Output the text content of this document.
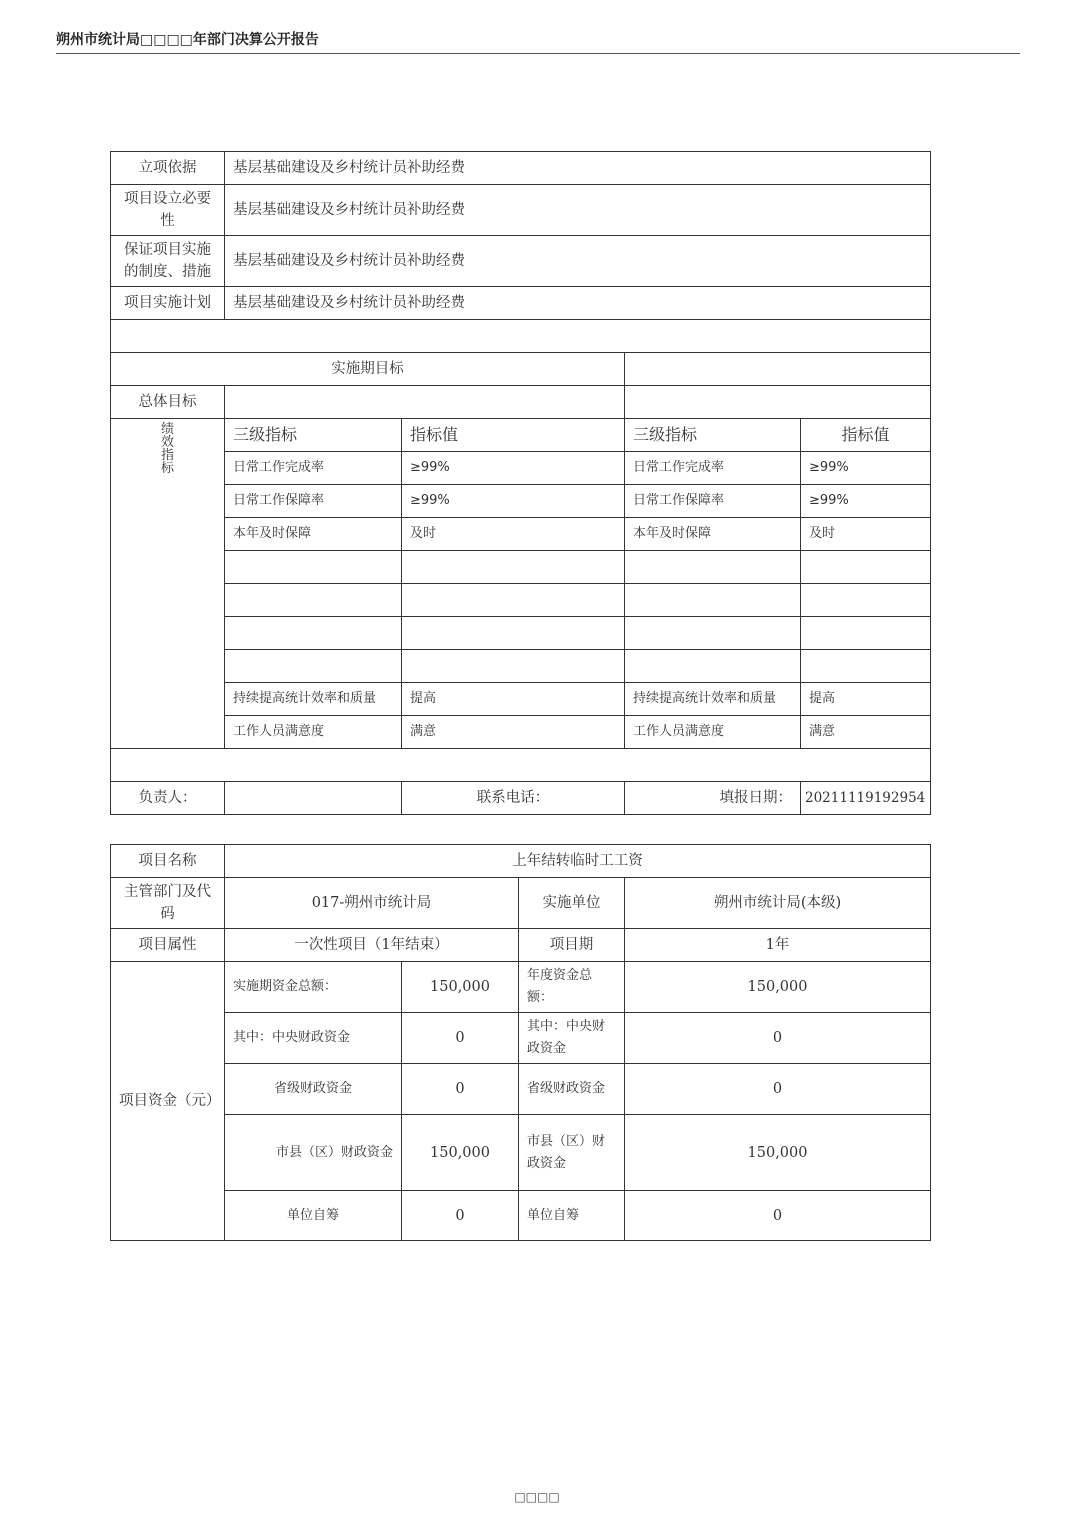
朔州市统计局□□□□年部门决算公开报告
立项依据	基层基础建设及乡村统计员补助经费			
项目设立必要性	基层基础建设及乡村统计员补助经费			
保证项目实施的制度、措施	基层基础建设及乡村统计员补助经费			
项目实施计划	基层基础建设及乡村统计员补助经费			

实施期目标				
总体目标				

绩
效
指
标	三级指标	指标值	三级指标	指标值
	日常工作完成率	≥99%	日常工作完成率	≥99%
	日常工作保障率	≥99%	日常工作保障率	≥99%
	本年及时保障	及时	本年及时保障	及时

	持续提高统计效率和质量	提高	持续提高统计效率和质量	提高
	工作人员满意度	满意	工作人员满意度	满意

负责人：		联系电话：	填报日期：	20211119192954
项目名称	上年结转临时工工资			
主管部门及代码	017-朔州市统计局		实施单位	朔州市统计局(本级)
项目属性	一次性项目（1年结束）		项目期	1年
项目资金（元）	实施期资金总额：	150,000	年度资金总额：	150,000
	其中：中央财政资金	0	其中：中央财政资金	0
	省级财政资金	0	省级财政资金	0
	市县（区）财政资金	150,000	市县（区）财政资金	150,000
	单位自筹	0	单位自筹	0
□□□□
